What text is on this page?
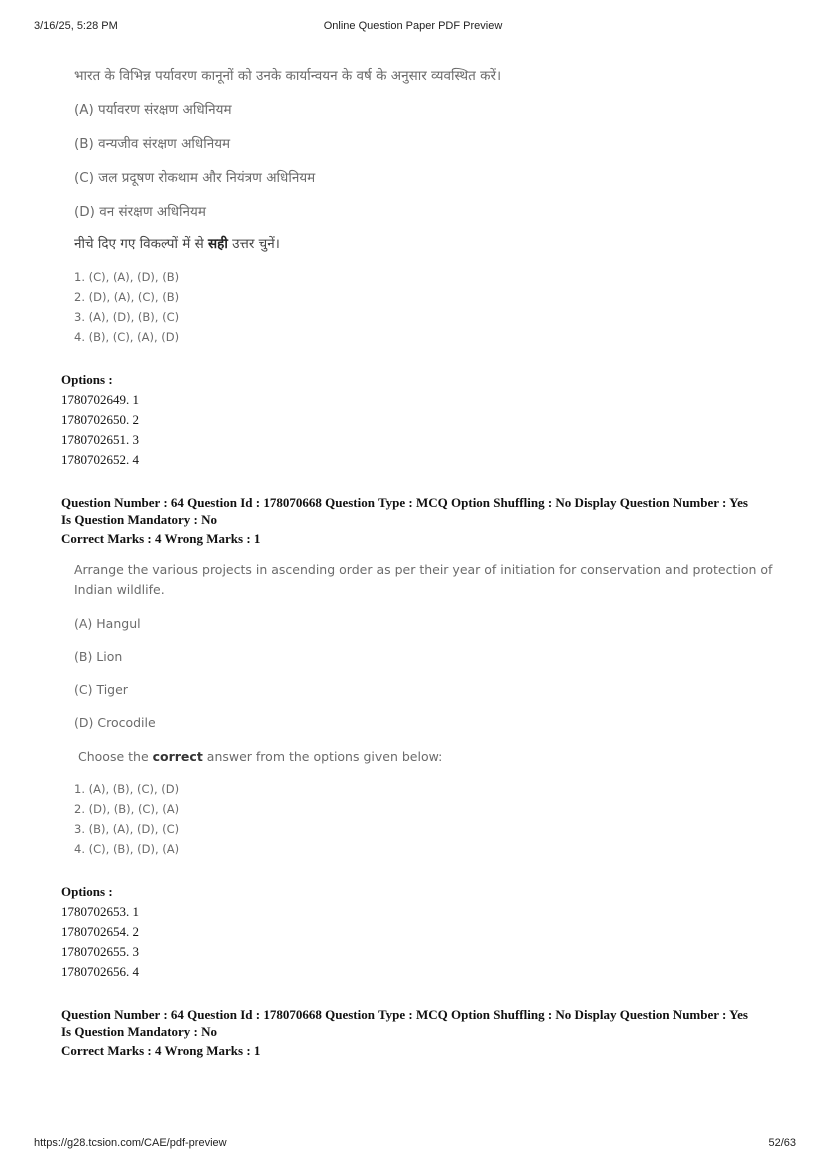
3/16/25, 5:28 PM	Online Question Paper PDF Preview
https://g28.tcsion.com/CAE/pdf-preview	52/63
भारत के विभिन्न पर्यावरण कानूनों को उनके कार्यान्वयन के वर्ष के अनुसार व्यवस्थित करें।
(A) पर्यावरण संरक्षण अधिनियम
(B) वन्यजीव संरक्षण अधिनियम
(C) जल प्रदूषण रोकथाम और नियंत्रण अधिनियम
(D) वन संरक्षण अधिनियम
नीचे दिए गए विकल्पों में से सही उत्तर चुनें।
1. (C), (A), (D), (B)
2. (D), (A), (C), (B)
3. (A), (D), (B), (C)
4. (B), (C), (A), (D)
Options :
1780702649. 1
1780702650. 2
1780702651. 3
1780702652. 4
Question Number : 64 Question Id : 178070668 Question Type : MCQ Option Shuffling : No Display Question Number : Yes
Is Question Mandatory : No
Correct Marks : 4 Wrong Marks : 1
Arrange the various projects in ascending order as per their year of initiation for conservation and protection of Indian wildlife.
(A) Hangul
(B) Lion
(C) Tiger
(D) Crocodile
Choose the correct answer from the options given below:
1. (A), (B), (C), (D)
2. (D), (B), (C), (A)
3. (B), (A), (D), (C)
4. (C), (B), (D), (A)
Options :
1780702653. 1
1780702654. 2
1780702655. 3
1780702656. 4
Question Number : 64 Question Id : 178070668 Question Type : MCQ Option Shuffling : No Display Question Number : Yes
Is Question Mandatory : No
Correct Marks : 4 Wrong Marks : 1
